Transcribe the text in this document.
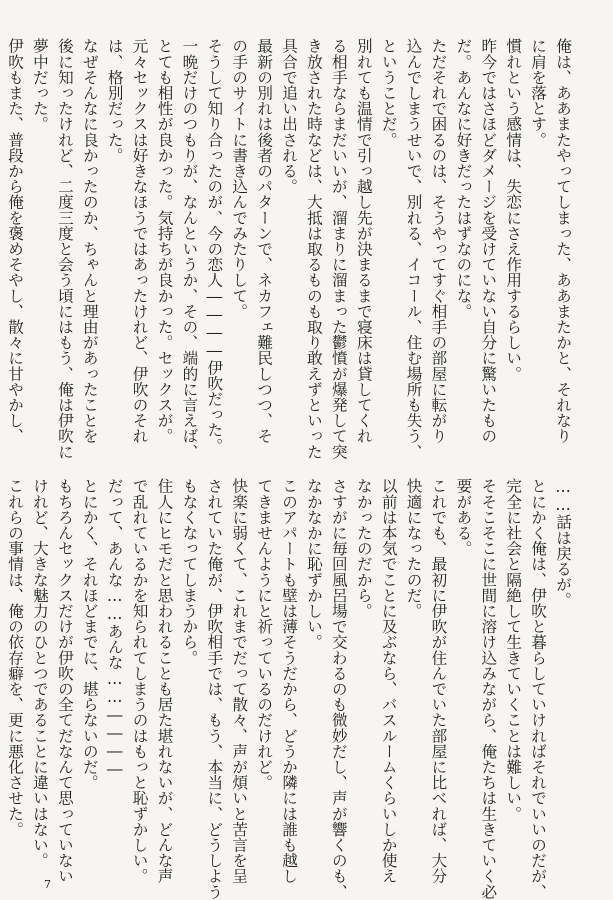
俺は、ああまたやってしまった、ああまたかと、それなり

に肩を落とす。

慣れという感情は、失恋にさえ作用するらしい。

昨今ではさほどダメージを受けていない自分に驚いたもの

だ。あんなに好きだったはずなのにな。

ただそれで困るのは、そうやってすぐ相手の部屋に転がり

込んでしまうせいで、別れる、イコール、住む場所も失う、

ということだ。

別れても温情で引っ越し先が決まるまで寝床は貸してくれ

る相手ならまだいいが、溜まりに溜まった鬱憤が爆発して突

き放された時などは、大抵は取るものも取り敢えずといった

具合で追い出される。

最新の別れは後者のパターンで、ネカフェ難民しつつ、そ

の手のサイトに書き込んでみたりして。

そうして知り合ったのが、今の恋人――――伊吹だった。

一晩だけのつもりが、なんというか、その、端的に言えば、

とても相性が良かった。気持ちが良かった。セックスが。

元々セックスは好きなほうではあったけれど、伊吹のそれ

は、格別だった。

なぜそんなに良かったのか、ちゃんと理由があったことを

後に知ったけれど、二度三度と会う頃にはもう、俺は伊吹に

夢中だった。

伊吹もまた、普段から俺を褒めそやし、散々に甘やかし、

……話は戻るが。

とにかく俺は、伊吹と暮らしていければそれでいいのだが、

完全に社会と隔絶して生きていくことは難しい。

そそこそこに世間に溶け込みながら、俺たちは生きていく必

要がある。

これでも、最初に伊吹が住んでいた部屋に比べれば、大分

快適になったのだ。

以前は本気でことに及ぶなら、バスルームくらいしか使え

なかったのだから。

さすがに毎回風呂場で交わるのも微妙だし、声が響くのも、

なかなかに恥ずかしい。

このアパートも壁は薄そうだから、どうか隣には誰も越し

てきませんようにと祈っているのだけれど。

快楽に弱くて、これまでだって散々、声が煩いと苦言を呈

されていた俺が、伊吹相手では、もう、本当に、どうしよう

もなくなってしまうから。

住人にヒモだと思われることも居た堪れないが、どんな声

で乱れているかを知られてしまうのはもっと恥ずかしい。

だって、あんな……あんな……――――

とにかく、それほどまでに、堪らないのだ。

もちろんセックスだけが伊吹の全てだなんて思っていない

けれど、大きな魅力のひとつであることに違いはない。

これらの事情は、俺の依存癖を、更に悪化させた。

7
